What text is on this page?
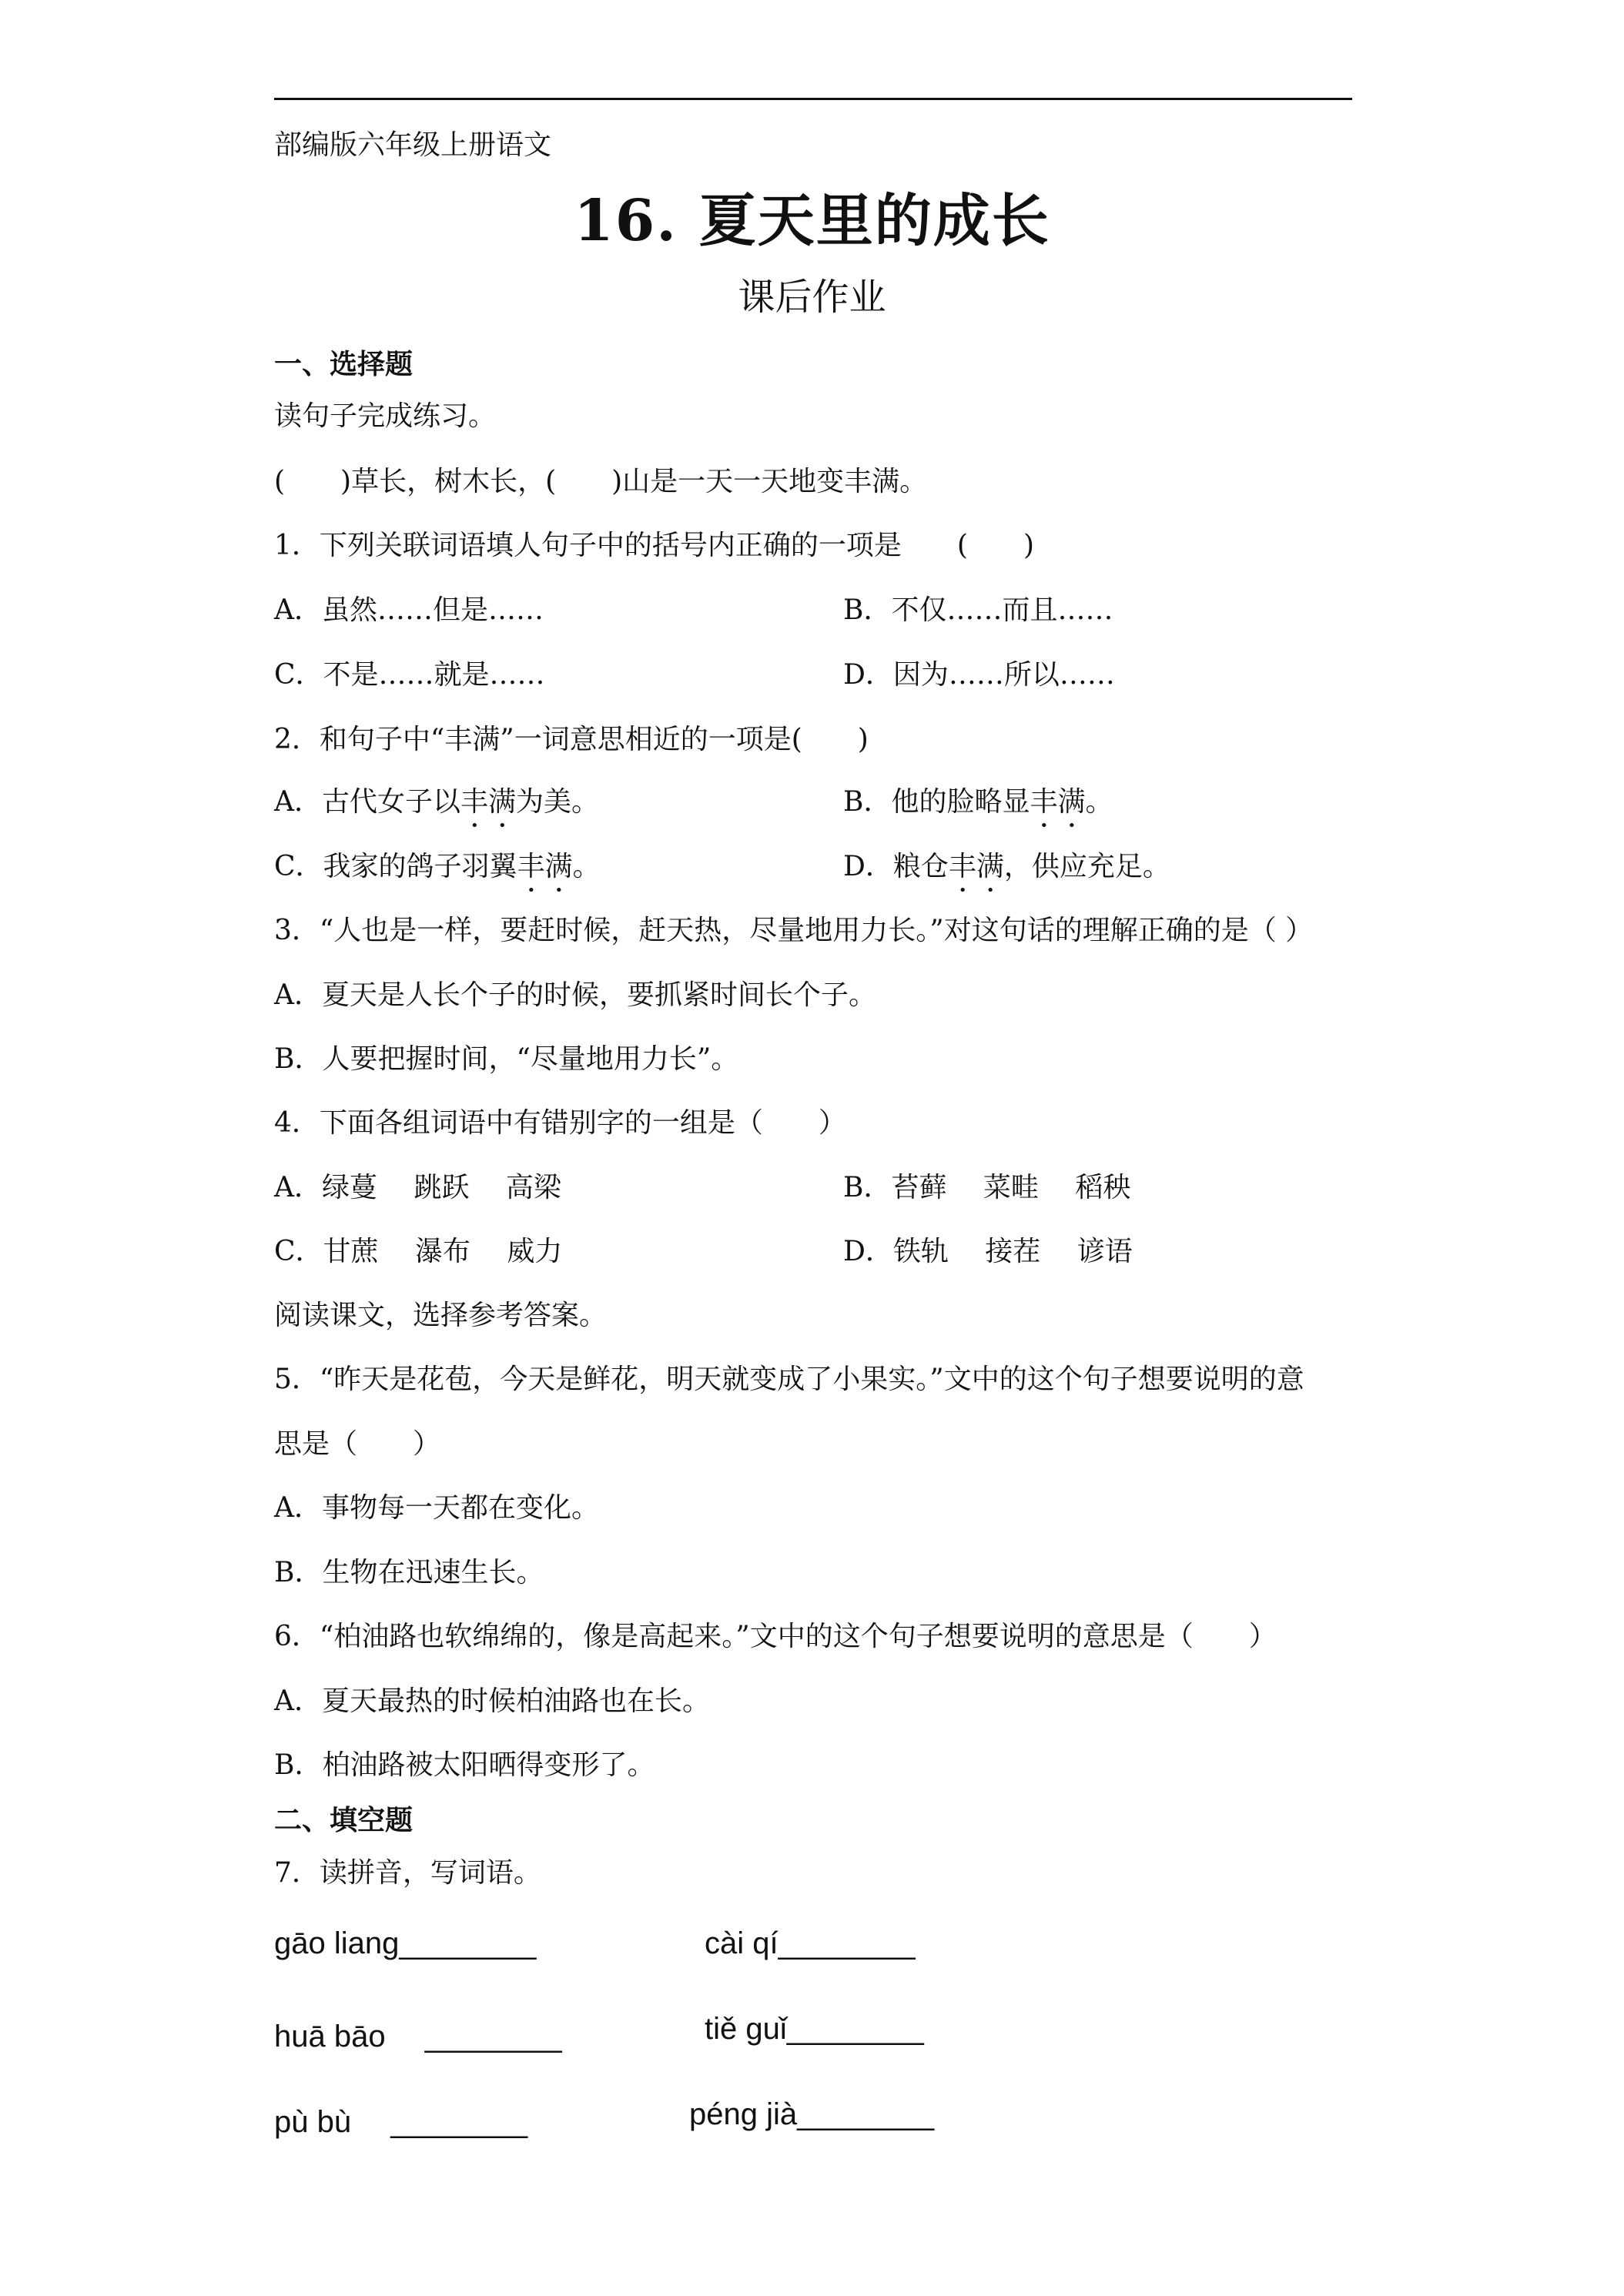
部编版六年级上册语文
16. 夏天里的成长
课后作业
一、选择题
读句子完成练习。
(　　)草长，树木长，(　　)山是一天一天地变丰满。
1．下列关联词语填人句子中的括号内正确的一项是　　(　　)
A．虽然……但是……	B．不仅……而且……
C．不是……就是……	D．因为……所以……
2．和句子中“丰满”一词意思相近的一项是(　　)
A．古代女子以丰满为美。	B．他的脸略显丰满。
C．我家的鸽子羽翼丰满。	D．粮仓丰满，供应充足。
3．“人也是一样，要赶时候，赶天热，尽量地用力长。”对这句话的理解正确的是（ ）
A．夏天是人长个子的时候，要抓紧时间长个子。
B．人要把握时间，“尽量地用力长”。
4．下面各组词语中有错别字的一组是（　　）
A．绿蔓　 跳跃　 高梁	B．苔藓　 菜畦　 稻秧
C．甘蔗　 瀑布　 威力	D．铁轨　 接茬　 谚语
阅读课文，选择参考答案。
5．“昨天是花苞，今天是鲜花，明天就变成了小果实。”文中的这个句子想要说明的意
思是（　　）
A．事物每一天都在变化。
B．生物在迅速生长。
6．“柏油路也软绵绵的，像是高起来。”文中的这个句子想要说明的意思是（　　）
A．夏天最热的时候柏油路也在长。
B．柏油路被太阳晒得变形了。
二、填空题
7．读拼音，写词语。
gāo liang________	cài qí________
huā bāo　 ________	tiě guǐ________
pù bù　 ________	péng jià________
